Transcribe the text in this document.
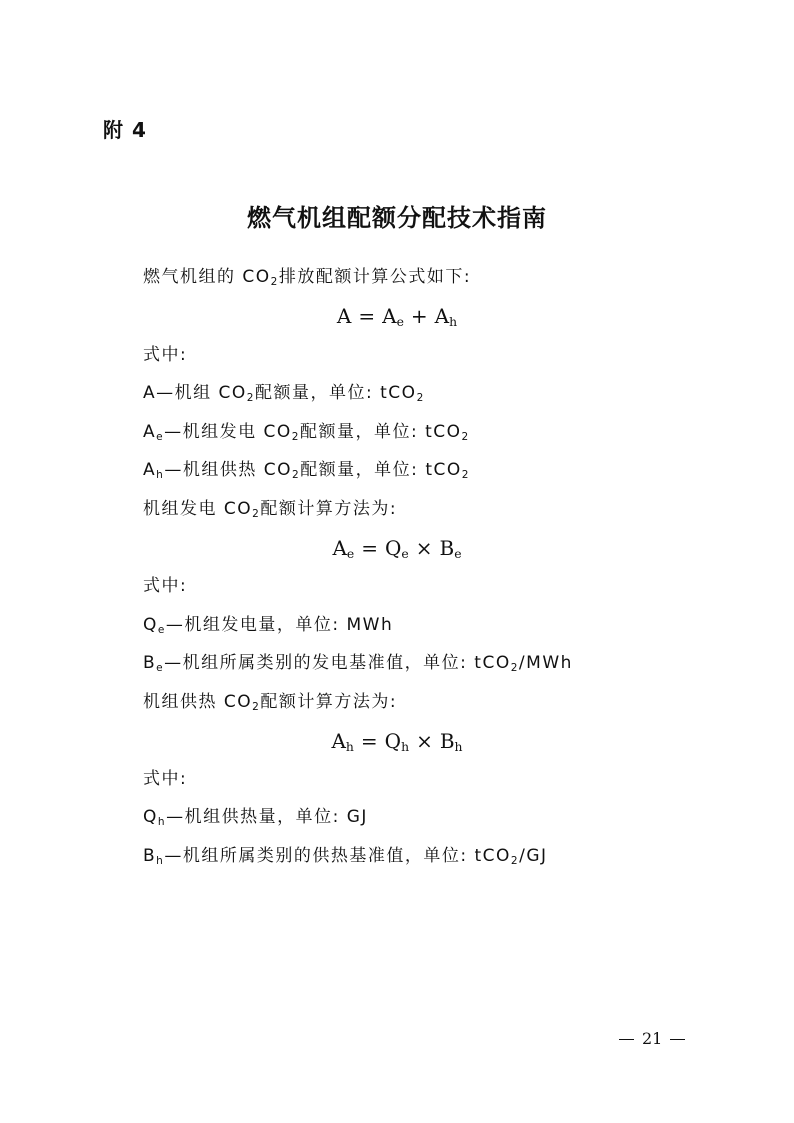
附 4
燃气机组配额分配技术指南
燃气机组的 $CO_2$排放配额计算公式如下:
$A = A_e + A_h$
式中:
A—机组 $CO_2$配额量，单位: tCO$_2$
$A_e—$机组发电 $CO_2$配额量，单位: tCO$_2$
$A_h—$机组供热 $CO_2$配额量，单位: tCO$_2$
机组发电 $CO_2$配额计算方法为:
$A_e = Q_e \times B_e$
式中:
$Q_e—$机组发电量，单位: MWh
$B_e—$机组所属类别的发电基准值，单位: tCO$_2$/MWh
机组供热 $CO_2$配额计算方法为:
$A_h = Q_h \times B_h$
式中:
$Q_h—$机组供热量，单位: GJ
$B_h—$机组所属类别的供热基准值，单位: tCO$_2$/GJ
21
